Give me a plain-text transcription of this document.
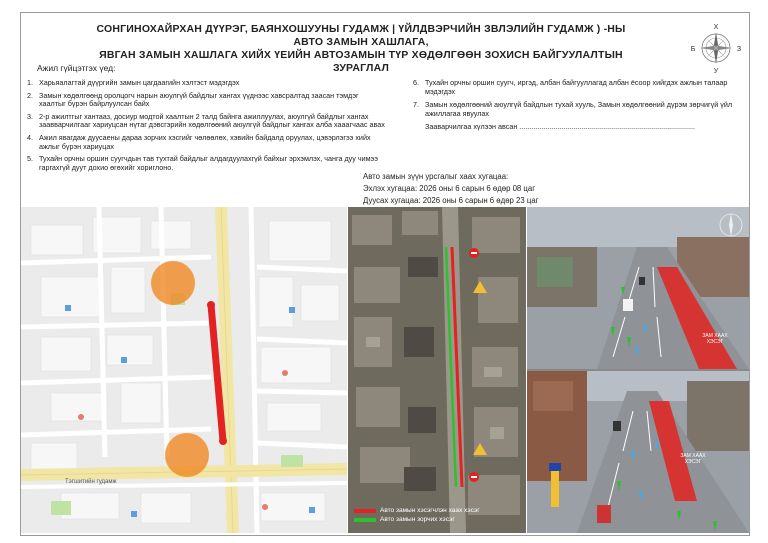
СОНГИНОХАЙРХАН ДҮҮРЭГ, БАЯНХОШУУНЫ ГУДАМЖ | ҮЙЛДВЭРЧИЙН ЗВЛЭЛИЙН ГУДАМЖ ) -НЫ АВТО ЗАМЫН ХАШЛАГА,
ЯВГАН ЗАМЫН ХАШЛАГА ХИЙХ ҮЕИЙН АВТОЗАМЫН ТҮР ХӨДӨЛГӨӨН ЗОХИСН БАЙГУУЛАЛТЫН ЗУРАГЛАЛ
Х
У
З
Б
Ажил гүйцэтгэх үед:
1. Харьяалагтай дүүргийн замын цагдаагийн хэлтэст мэдэгдэх
2. Замын хөдөлгөөнд оролцогч нарын аюулгүй байдлыг хангах үүднээс хавсралтад заасан тэмдэг хаалтыг бүрэн байрлуулсан байх
3. 2-р ажилтгыг хантааз, досиур модтой хаалтын 2 талд байнга ажиллуулах, аюулгүй байдлыг хангах заавварчилгааг хариуцсан нүтаг дэвсгэрийн хөдөлгөөний аюулгүй байдлыг хангах алба хааагчаас авах
4. Ажил явагдаж дуусаены дараа зорчих хэсгийг чөлөөлөх, хэвийн байдалд оруулах, цэвэрлэгээ хийх ажлыг бүрэн хариуцах
5. Тухайн орчны оршин суугчдын тав тухтай байдлыг алдагдуулахгүй байхыг эрхэмлэх, чанга дуу чимээ гаргахгүй дуут дохио өгөхийг хориглоно.
6. Тухайн орчны оршин суугч, иргэд, албан байгууллагад албан ёсоор хийгдэх ажлын талаар мэдэгдэх
7. Замын хөдөлгөөний аюулгүй байдлын тухай хууль, Замын хөдөлгөөний дүрэм зөрчигүй үйл ажиллагаа явуулах
Зааварчилгаа хүлээн авсан ........................................................................................
Авто замын зүүн урсгалыг хаах хугацаа:
Эхлэх хугацаа: 2026 оны 6 сарын 6 өдөр 08 цаг
Дуусах хугацаа: 2026 оны 6 сарын 6 өдөр 23 цаг
Тэгшитийн гудамж
Авто замын хэсэгчлэн хаах хэсэг
Авто замын зорчих хэсэг
ЗАМ ХААХ ХЭСЭГ
ЗАМ ХААХ ХЭСЭГ
